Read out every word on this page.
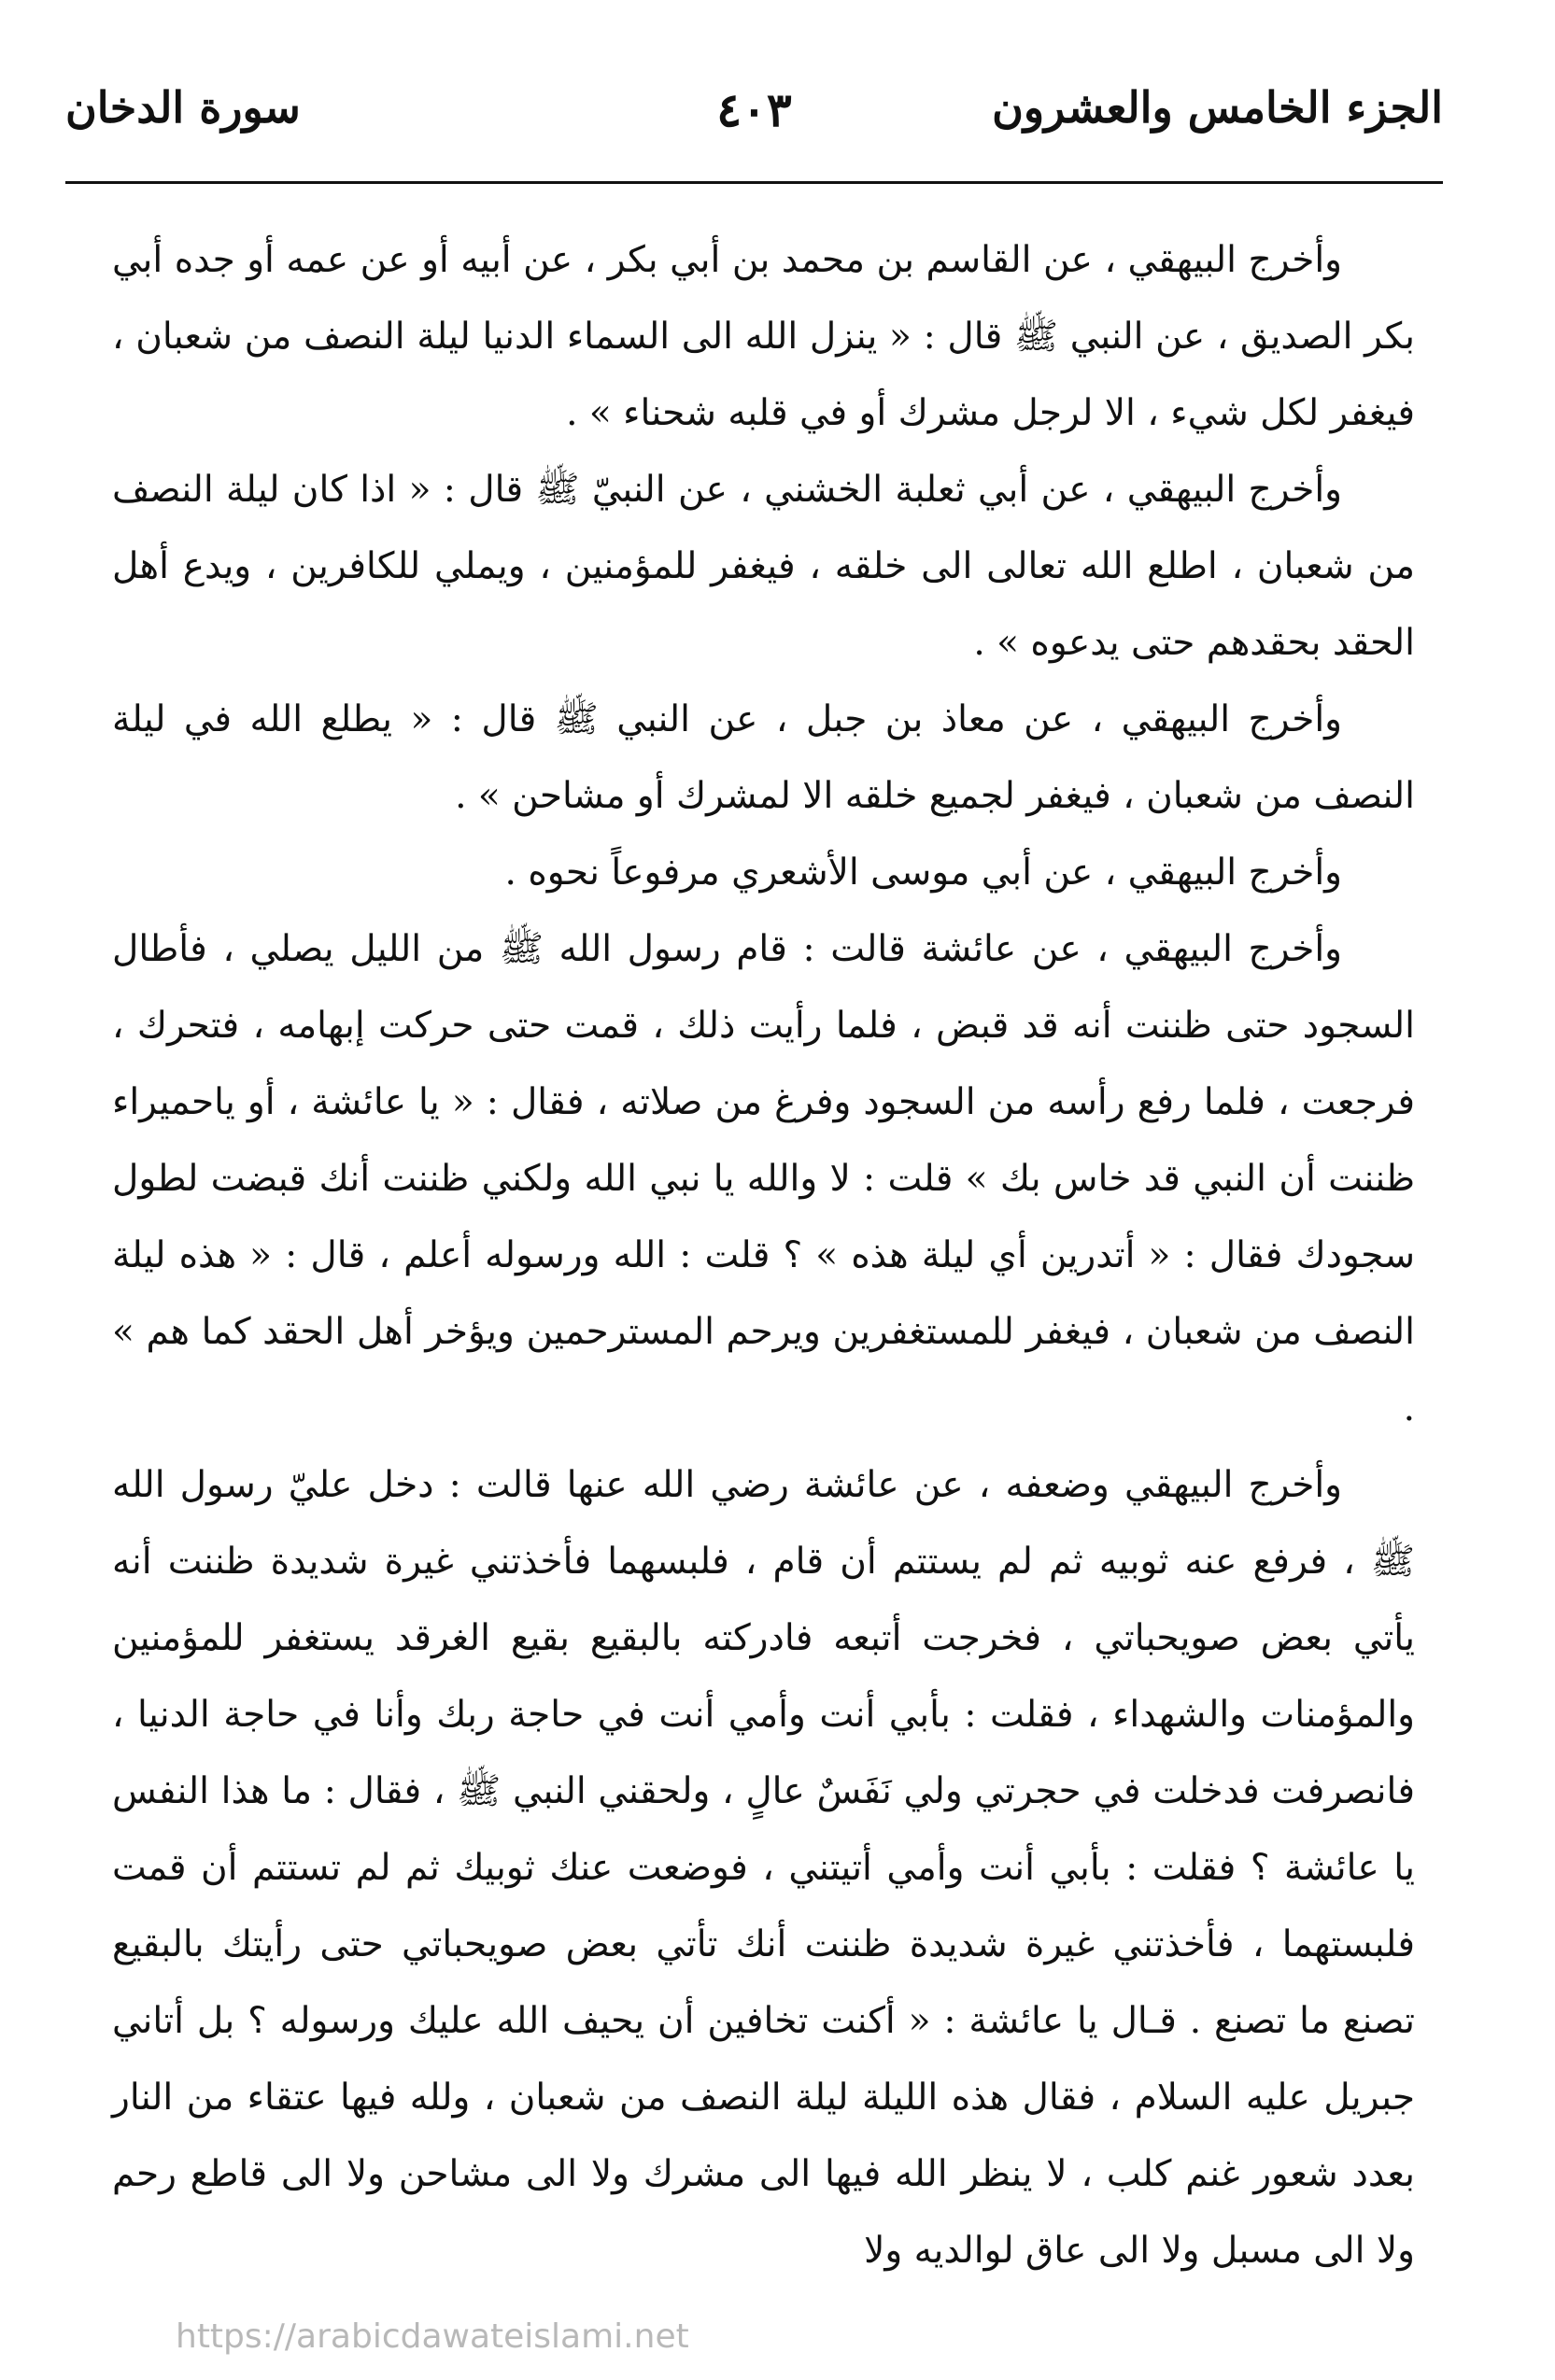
الجزء الخامس والعشرون
٤٠٣
سورة الدخان

وأخرج البيهقي ، عن القاسم بن محمد بن أبي بكر ، عن أبيه أو عن عمه أو جده أبي بكر الصديق ، عن النبي ﷺ قال : « ينزل الله الى السماء الدنيا ليلة النصف من شعبان ، فيغفر لكل شيء ، الا لرجل مشرك أو في قلبه شحناء » .

وأخرج البيهقي ، عن أبي ثعلبة الخشني ، عن النبيّ ﷺ قال : « اذا كان ليلة النصف من شعبان ، اطلع الله تعالى الى خلقه ، فيغفر للمؤمنين ، ويملي للكافرين ، ويدع أهل الحقد بحقدهم حتى يدعوه » .

وأخرج البيهقي ، عن معاذ بن جبل ، عن النبي ﷺ قال : « يطلع الله في ليلة النصف من شعبان ، فيغفر لجميع خلقه الا لمشرك أو مشاحن » .

وأخرج البيهقي ، عن أبي موسى الأشعري مرفوعاً نحوه .

وأخرج البيهقي ، عن عائشة قالت : قام رسول الله ﷺ من الليل يصلي ، فأطال السجود حتى ظننت أنه قد قبض ، فلما رأيت ذلك ، قمت حتى حركت إبهامه ، فتحرك ، فرجعت ، فلما رفع رأسه من السجود وفرغ من صلاته ، فقال : « يا عائشة ، أو ياحميراء ظننت أن النبي قد خاس بك » قلت : لا والله يا نبي الله ولكني ظننت أنك قبضت لطول سجودك فقال : « أتدرين أي ليلة هذه » ؟ قلت : الله ورسوله أعلم ، قال : « هذه ليلة النصف من شعبان ، فيغفر للمستغفرين ويرحم المسترحمين ويؤخر أهل الحقد كما هم » .

وأخرج البيهقي وضعفه ، عن عائشة رضي الله عنها قالت : دخل عليّ رسول الله ﷺ ، فرفع عنه ثوبيه ثم لم يستتم أن قام ، فلبسهما فأخذتني غيرة شديدة ظننت أنه يأتي بعض صويحباتي ، فخرجت أتبعه فادركته بالبقيع بقيع الغرقد يستغفر للمؤمنين والمؤمنات والشهداء ، فقلت : بأبي أنت وأمي أنت في حاجة ربك وأنا في حاجة الدنيا ، فانصرفت فدخلت في حجرتي ولي نَفَسٌ عالٍ ، ولحقني النبي ﷺ ، فقال : ما هذا النفس يا عائشة ؟ فقلت : بأبي أنت وأمي أتيتني ، فوضعت عنك ثوبيك ثم لم تستتم أن قمت فلبستهما ، فأخذتني غيرة شديدة ظننت أنك تأتي بعض صويحباتي حتى رأيتك بالبقيع تصنع ما تصنع . قـال يا عائشة : « أكنت تخافين أن يحيف الله عليك ورسوله ؟ بل أتاني جبريل عليه السلام ، فقال هذه الليلة ليلة النصف من شعبان ، ولله فيها عتقاء من النار بعدد شعور غنم كلب ، لا ينظر الله فيها الى مشرك ولا الى مشاحن ولا الى قاطع رحم ولا الى مسبل ولا الى عاق لوالديه ولا

https://arabicdawateislami.net
